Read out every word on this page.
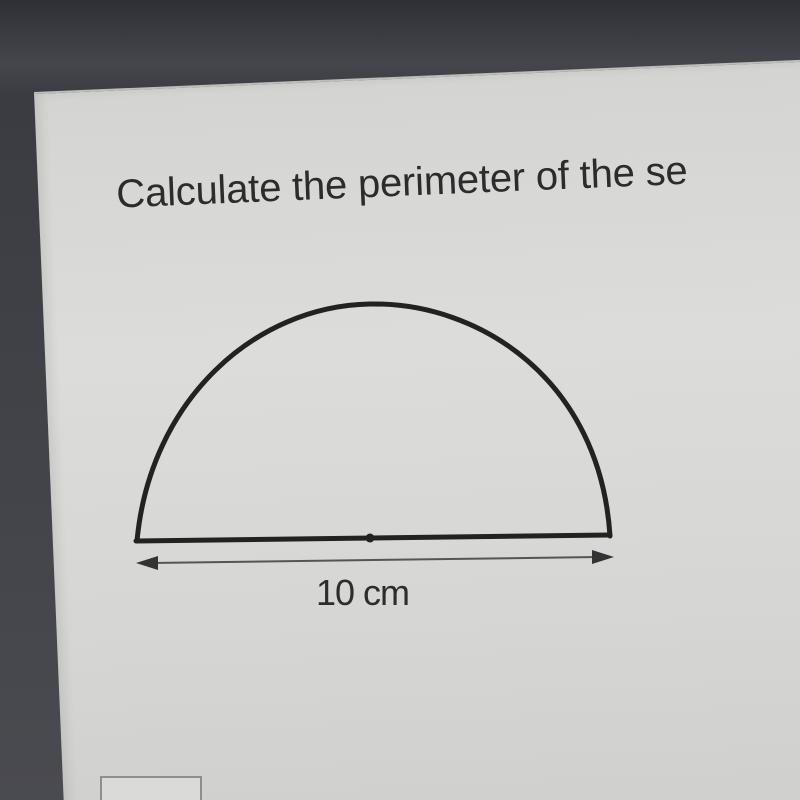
Calculate the perimeter of the se

10 cm
